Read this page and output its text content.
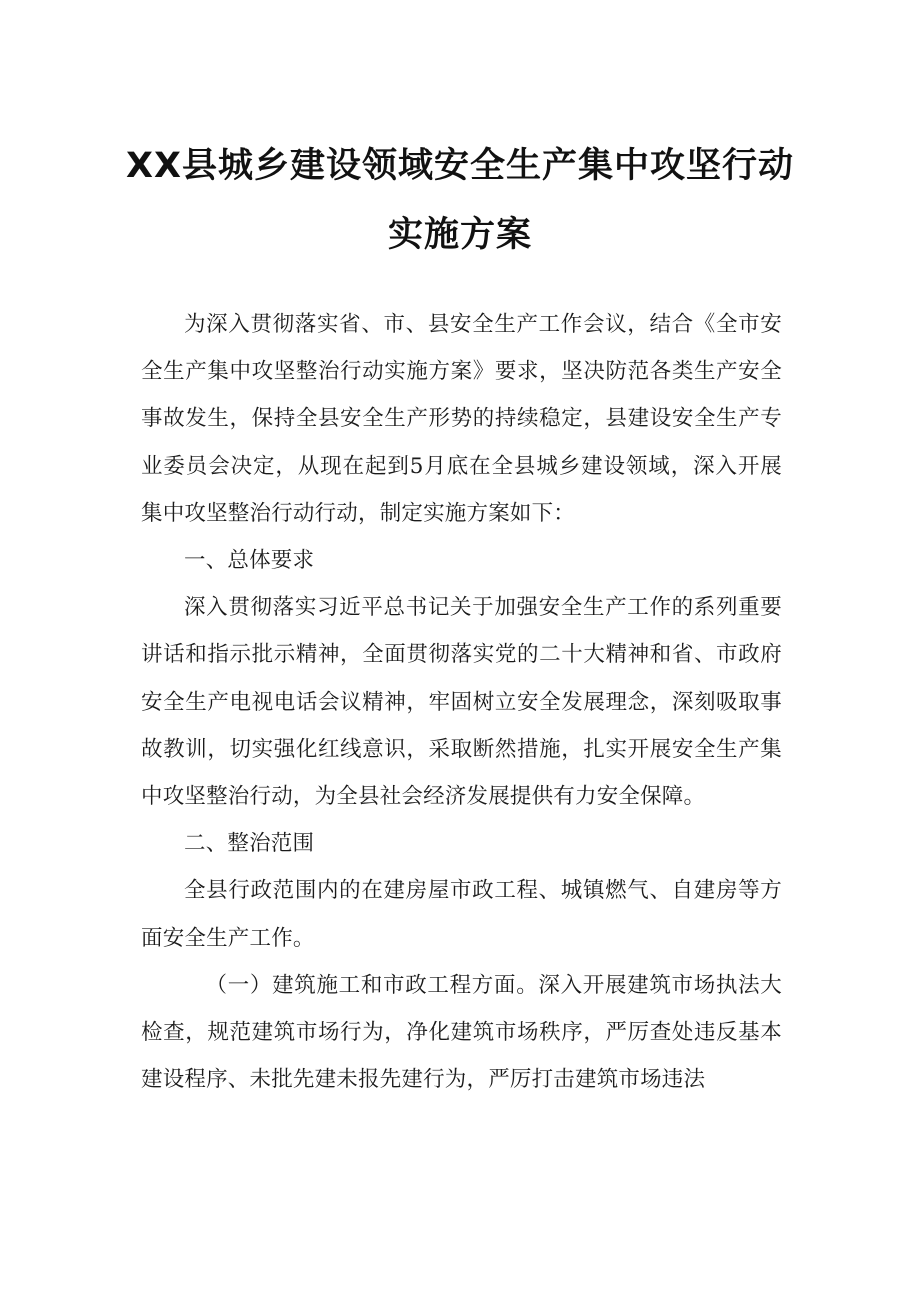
XX县城乡建设领域安全生产集中攻坚行动
实施方案

为深入贯彻落实省、市、县安全生产工作会议，结合《全市安全生产集中攻坚整治行动实施方案》要求，坚决防范各类生产安全事故发生，保持全县安全生产形势的持续稳定，县建设安全生产专业委员会决定，从现在起到5月底在全县城乡建设领域，深入开展集中攻坚整治行动行动，制定实施方案如下：

一、总体要求

深入贯彻落实习近平总书记关于加强安全生产工作的系列重要讲话和指示批示精神，全面贯彻落实党的二十大精神和省、市政府安全生产电视电话会议精神，牢固树立安全发展理念，深刻吸取事故教训，切实强化红线意识，采取断然措施，扎实开展安全生产集中攻坚整治行动，为全县社会经济发展提供有力安全保障。

二、整治范围

全县行政范围内的在建房屋市政工程、城镇燃气、自建房等方面安全生产工作。

（一）建筑施工和市政工程方面。深入开展建筑市场执法大检查，规范建筑市场行为，净化建筑市场秩序，严厉查处违反基本建设程序、未批先建未报先建行为，严厉打击建筑市场违法
